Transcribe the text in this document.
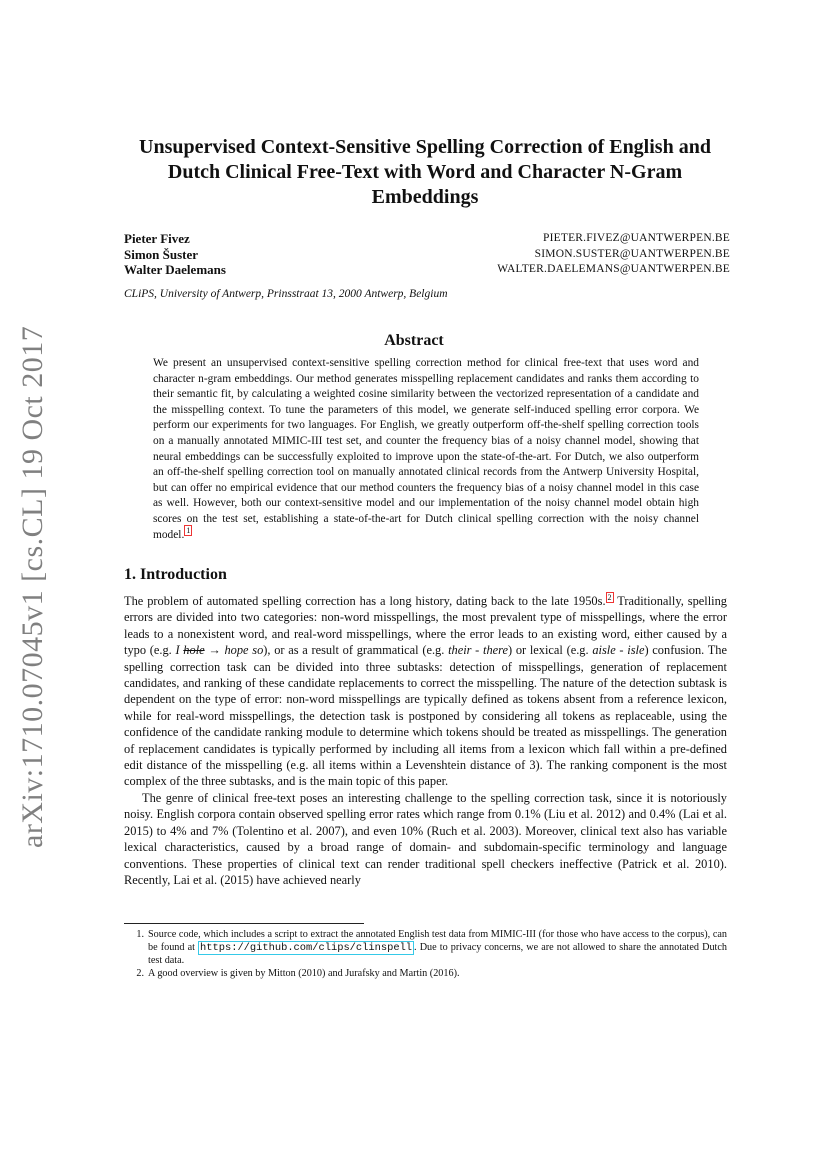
arXiv:1710.07045v1 [cs.CL] 19 Oct 2017
Unsupervised Context-Sensitive Spelling Correction of English and Dutch Clinical Free-Text with Word and Character N-Gram Embeddings
Pieter Fivez	PIETER.FIVEZ@UANTWERPEN.BE
Simon Šuster	SIMON.SUSTER@UANTWERPEN.BE
Walter Daelemans	WALTER.DAELEMANS@UANTWERPEN.BE
CLiPS, University of Antwerp, Prinsstraat 13, 2000 Antwerp, Belgium
Abstract
We present an unsupervised context-sensitive spelling correction method for clinical free-text that uses word and character n-gram embeddings. Our method generates misspelling replacement candidates and ranks them according to their semantic fit, by calculating a weighted cosine similarity between the vectorized representation of a candidate and the misspelling context. To tune the parameters of this model, we generate self-induced spelling error corpora. We perform our experiments for two languages. For English, we greatly outperform off-the-shelf spelling correction tools on a manually annotated MIMIC-III test set, and counter the frequency bias of a noisy channel model, showing that neural embeddings can be successfully exploited to improve upon the state-of-the-art. For Dutch, we also outperform an off-the-shelf spelling correction tool on manually annotated clinical records from the Antwerp University Hospital, but can offer no empirical evidence that our method counters the frequency bias of a noisy channel model in this case as well. However, both our context-sensitive model and our implementation of the noisy channel model obtain high scores on the test set, establishing a state-of-the-art for Dutch clinical spelling correction with the noisy channel model. $^1$
1. Introduction

The problem of automated spelling correction has a long history, dating back to the late 1950s. $^2$ Traditionally, spelling errors are divided into two categories: non-word misspellings, the most prevalent type of misspellings, where the error leads to a nonexistent word, and real-word misspellings, where the error leads to an existing word, either caused by a typo (e.g. I hole → hope so), or as a result of grammatical (e.g. their - there) or lexical (e.g. aisle - isle) confusion. The spelling correction task can be divided into three subtasks: detection of misspellings, generation of replacement candidates, and ranking of these candidate replacements to correct the misspelling. The nature of the detection subtask is dependent on the type of error: non-word misspellings are typically defined as tokens absent from a reference lexicon, while for real-word misspellings, the detection task is postponed by considering all tokens as replaceable, using the confidence of the candidate ranking module to determine which tokens should be treated as misspellings. The generation of replacement candidates is typically performed by including all items from a lexicon which fall within a pre-defined edit distance of the misspelling (e.g. all items within a Levenshtein distance of 3). The ranking component is the most complex of the three subtasks, and is the main topic of this paper.

The genre of clinical free-text poses an interesting challenge to the spelling correction task, since it is notoriously noisy. English corpora contain observed spelling error rates which range from 0.1% (Liu et al. 2012) and 0.4% (Lai et al. 2015) to 4% and 7% (Tolentino et al. 2007), and even 10% (Ruch et al. 2003). Moreover, clinical text also has variable lexical characteristics, caused by a broad range of domain- and subdomain-specific terminology and language conventions. These properties of clinical text can render traditional spell checkers ineffective (Patrick et al. 2010). Recently, Lai et al. (2015) have achieved nearly

1. Source code, which includes a script to extract the annotated English test data from MIMIC-III (for those who have access to the corpus), can be found at https://github.com/clips/clinspell . Due to privacy concerns, we are not allowed to share the annotated Dutch test data.
2. A good overview is given by Mitton (2010) and Jurafsky and Martin (2016).
